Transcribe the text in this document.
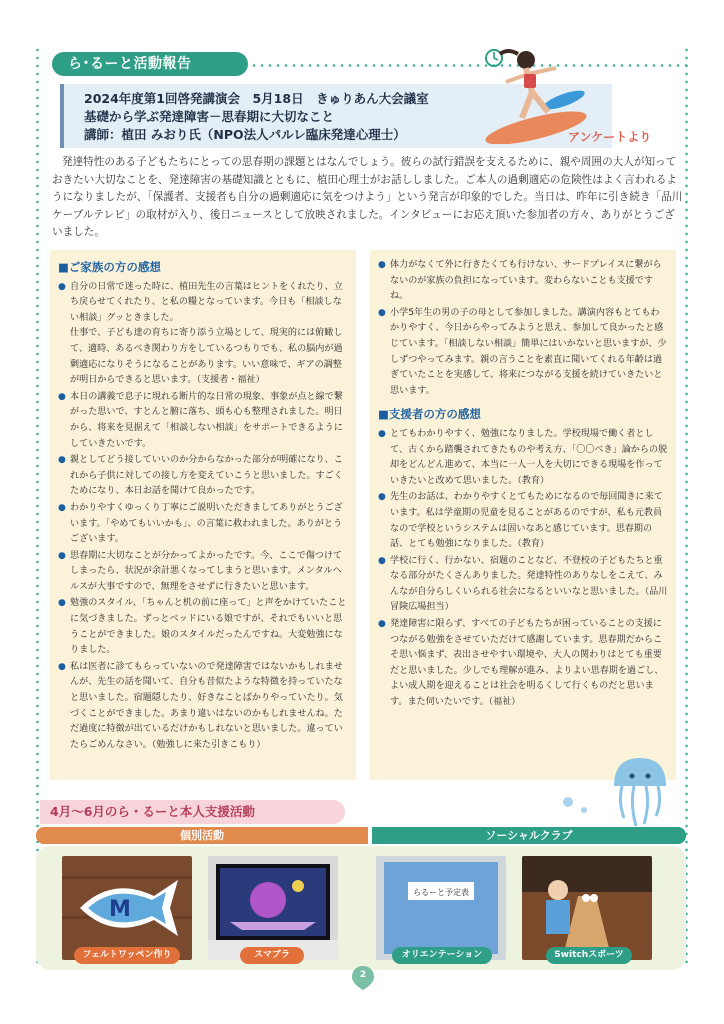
ら･るーと活動報告
2024年度第1回啓発講演会　5月18日　きゅりあん大会議室
基礎から学ぶ発達障害－思春期に大切なこと
講師：植田 みおり氏（NPO法人パルレ臨床発達心理士）	アンケートより

発達特性のある子どもたちにとっての思春期の課題とはなんでしょう。彼らの試行錯誤を支えるために、親や周囲の大人が知っておきたい大切なことを、発達障害の基礎知識とともに、植田心理士がお話ししました。ご本人の過剰適応の危険性はよく言われるようになりましたが、「保護者、支援者も自分の過剰適応に気をつけよう」という発言が印象的でした。当日は、昨年に引き続き「品川ケーブルテレビ」の取材が入り、後日ニュースとして放映されました。インタビューにお応え頂いた参加者の方々、ありがとうございました。

■ご家族の方の感想
● 自分の日常で迷った時に、植田先生の言葉はヒントをくれたり、立ち戻らせてくれたり、と私の糧となっています。今日も「相談しない相談」グッときました。
仕事で、子ども達の育ちに寄り添う立場として、現実的には俯瞰して、適時、あるべき関わり方をしているつもりでも、私の脳内が過剰適応になりそうになることがあります。いい意味で、ギアの調整が明日からできると思います。（支援者・福祉）
● 本日の講義で息子に現れる断片的な日常の現象、事象が点と線で繋がった思いで、すとんと腑に落ち、頭も心も整理されました。明日から、将来を見据えて「相談しない相談」をサポートできるようにしていきたいです。
● 親としてどう接していいのか分からなかった部分が明確になり、これから子供に対しての接し方を変えていこうと思いました。すごくためになり、本日お話を聞けて良かったです。
● わかりやすくゆっくり丁寧にご説明いただきましてありがとうございます。「やめてもいいかも」、の言葉に救われました。ありがとうございます。
● 思春期に大切なことが分かってよかったです。今、ここで傷つけてしまったら、状況が余計悪くなってしまうと思います。メンタルヘルスが大事ですので、無理をさせずに行きたいと思います。
● 勉強のスタイル、「ちゃんと机の前に座って」と声をかけていたことに気づきました。ずっとベッドにいる娘ですが、それでもいいと思うことができました。娘のスタイルだったんですね。大変勉強になりました。
● 私は医者に診てもらっていないので発達障害ではないかもしれませんが、先生の話を聞いて、自分も昔似たような特徴を持っていたなと思いました。宿題隠したり、好きなことばかりやっていたり。気づくことができました。あまり違いはないのかもしれませんね。ただ過度に特徴が出ているだけかもしれないと思いました。違っていたらごめんなさい。（勉強しに来た引きこもり）
● 体力がなくて外に行きたくても行けない、サードプレイスに繋がらないのが家族の負担になっています。変わらないことも支援ですね。
● 小学5年生の男の子の母として参加しました。講演内容もとてもわかりやすく、今日からやってみようと思え、参加して良かったと感じています。「相談しない相談」簡単にはいかないと思いますが、少しずつやってみます。親の言うことを素直に聞いてくれる年齢は過ぎていたことを実感して、将来につながる支援を続けていきたいと思います。
■支援者の方の感想
● とてもわかりやすく、勉強になりました。学校現場で働く者として、古くから踏襲されてきたものや考え方、「〇〇べき」論からの脱却をどんどん進めて、本当に一人一人を大切にできる現場を作っていきたいと改めて思いました。（教育）
● 先生のお話は、わかりやすくとてもためになるので毎回聞きに来ています。私は学童期の児童を見ることがあるのですが、私も元教員なので学校というシステムは固いなあと感じています。思春期の話、とても勉強になりました。（教育）
● 学校に行く、行かない、宿題のことなど、不登校の子どもたちと重なる部分がたくさんありました。発達特性のありなしをこえて、みんなが自分らしくいられる社会になるといいなと思いました。（品川冒険広場担当）
● 発達障害に限らず、すべての子どもたちが困っていることの支援につながる勉強をさせていただけて感謝しています。思春期だからこそ思い悩まず、表出させやすい環境や、大人の関わりはとても重要だと思いました。少しでも理解が進み、よりよい思春期を過ごし、よい成人期を迎えることは社会を明るくして行くものだと思います。また伺いたいです。（福祉）
4月〜6月のら・るーと本人支援活動
個別活動	ソーシャルクラブ
M
フェルトワッペン作り	スマブラ
らるーと予定表
オリエンテーション	Switchスポーツ
2
